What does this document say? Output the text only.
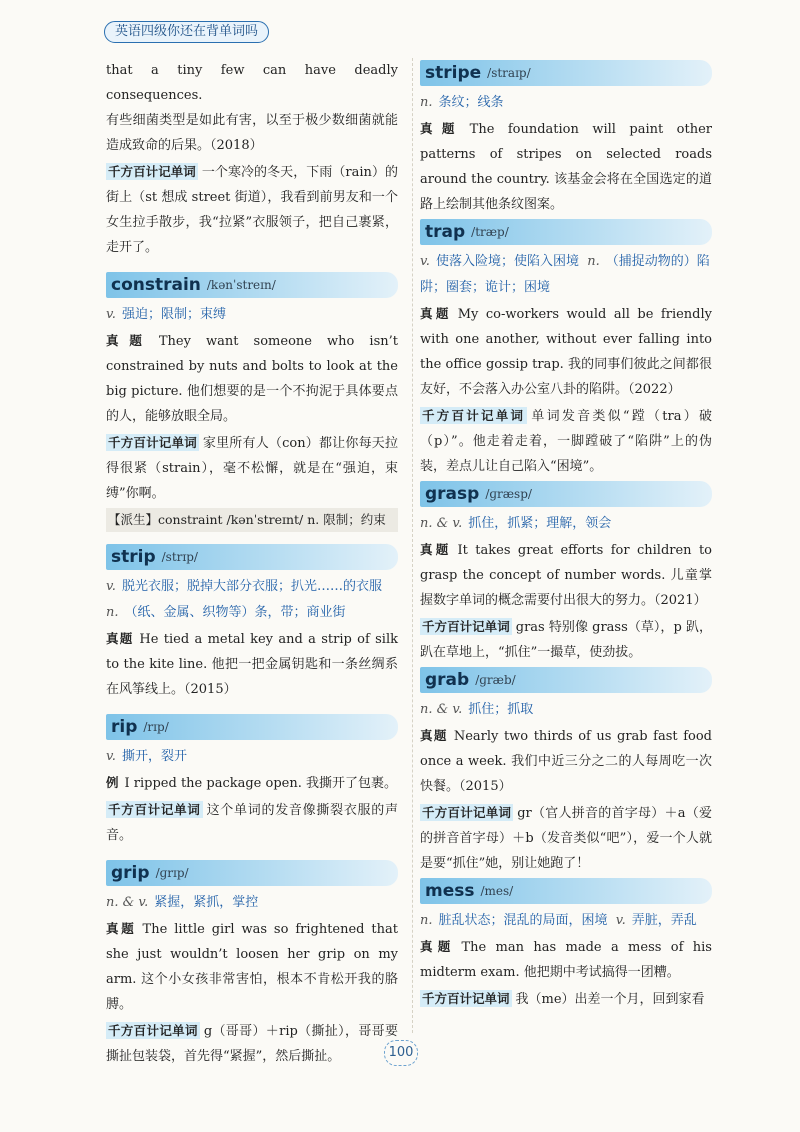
英语四级你还在背单词吗

that a tiny few can have deadly consequences.
有些细菌类型是如此有害，以至于极少数细菌就能造成致命的后果。（2018）

千方百计记单词 一个寒冷的冬天，下雨（rain）的街上（st 想成 street 街道），我看到前男友和一个女生拉手散步，我“拉紧”衣服领子，把自己裹紧，走开了。

constrain /kənˈstreɪn/

v. 强迫；限制；束缚

真题 They want someone who isn’t constrained by nuts and bolts to look at the big picture. 他们想要的是一个不拘泥于具体要点的人，能够放眼全局。

千方百计记单词 家里所有人（con）都让你每天拉得很紧（strain），毫不松懈，就是在“强迫，束缚”你啊。

【派生】constraint /kənˈstreɪnt/ n. 限制；约束
strip /strɪp/

v. 脱光衣服；脱掉大部分衣服；扒光……的衣服
n. （纸、金属、织物等）条，带；商业街

真题 He tied a metal key and a strip of silk to the kite line. 他把一把金属钥匙和一条丝绸系在风筝线上。（2015）

rip /rɪp/

v. 撕开，裂开

例 I ripped the package open. 我撕开了包裹。

千方百计记单词 这个单词的发音像撕裂衣服的声音。

grip /ɡrɪp/

n. & v. 紧握，紧抓，掌控

真题 The little girl was so frightened that she just wouldn’t loosen her grip on my arm. 这个小女孩非常害怕，根本不肯松开我的胳膊。

千方百计记单词 g（哥哥）＋rip（撕扯），哥哥要撕扯包装袋，首先得“紧握”，然后撕扯。

stripe /straɪp/

n. 条纹；线条

真题 The foundation will paint other patterns of stripes on selected roads around the country. 该基金会将在全国选定的道路上绘制其他条纹图案。

trap /træp/

v. 使落入险境；使陷入困境 n. （捕捉动物的）陷阱；圈套；诡计；困境

真题 My co-workers would all be friendly with one another, without ever falling into the office gossip trap. 我的同事们彼此之间都很友好，不会落入办公室八卦的陷阱。（2022）

千方百计记单词 单词发音类似“蹚（tra）破（p）”。他走着走着，一脚蹚破了“陷阱”上的伪装，差点儿让自己陷入“困境”。

grasp /ɡræsp/

n. & v. 抓住，抓紧；理解，领会

真题 It takes great efforts for children to grasp the concept of number words. 儿童掌握数字单词的概念需要付出很大的努力。（2021）

千方百计记单词 gras 特别像 grass（草），p 趴，趴在草地上，“抓住”一撮草，使劲拔。

grab /ɡræb/

n. & v. 抓住；抓取

真题 Nearly two thirds of us grab fast food once a week. 我们中近三分之二的人每周吃一次快餐。（2015）

千方百计记单词 gr（官人拼音的首字母）＋a（爱的拼音首字母）＋b（发音类似“吧”），爱一个人就是要“抓住”她，别让她跑了！

mess /mes/

n. 脏乱状态；混乱的局面，困境 v. 弄脏，弄乱

真题 The man has made a mess of his midterm exam. 他把期中考试搞得一团糟。

千方百计记单词 我（me）出差一个月，回到家看

100
